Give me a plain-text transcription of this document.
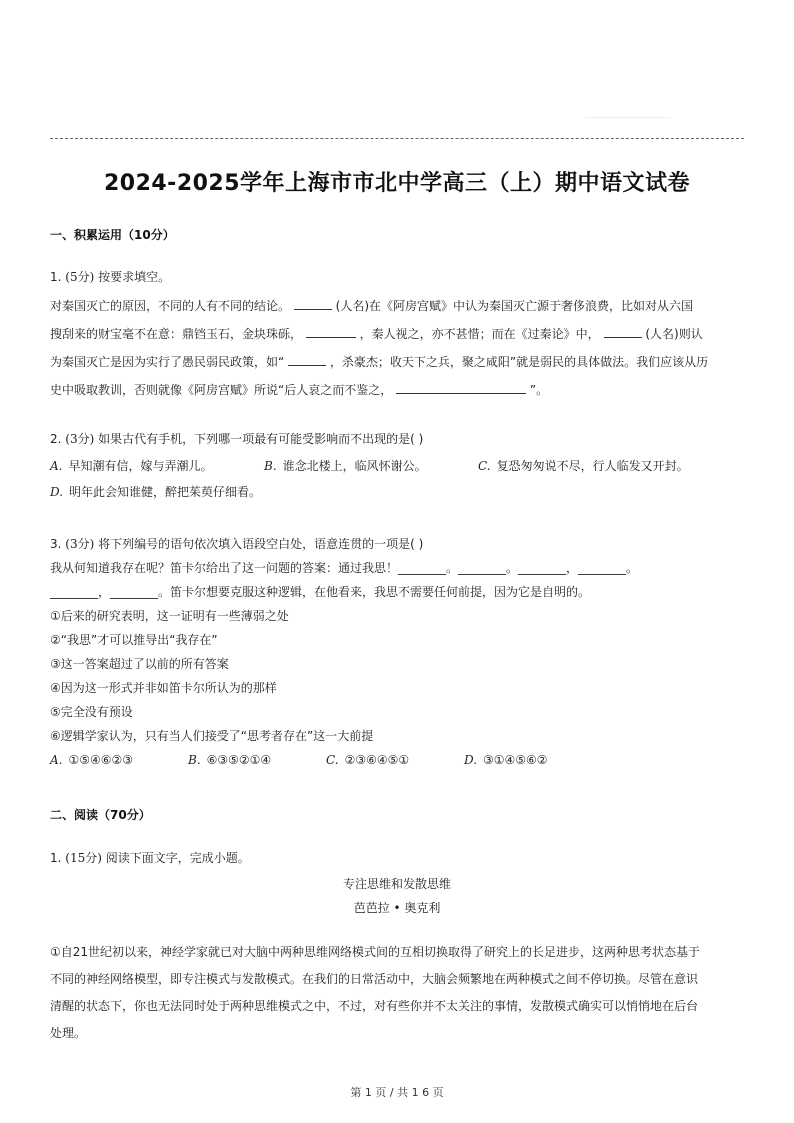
2024-2025学年上海市市北中学高三（上）期中语文试卷
一、积累运用（10分）
1. (5分) 按要求填空。
对秦国灭亡的原因，不同的人有不同的结论。	(人名)在《阿房宫赋》中认为秦国灭亡源于奢侈浪费，比如对从六国
搜刮来的财宝毫不在意：鼎铛玉石，金块珠砾，	，秦人视之，亦不甚惜；而在《过秦论》中，	(人名)则认
为秦国灭亡是因为实行了愚民弱民政策，如“	，杀豪杰；收天下之兵，聚之咸阳”就是弱民的具体做法。我们应该从历
史中吸取教训，否则就像《阿房宫赋》所说“后人哀之而不鉴之，	”。
2. (3分) 如果古代有手机，下列哪一项最有可能受影响而不出现的是( )
A. 早知潮有信，嫁与弄潮儿。	B. 谁念北楼上，临风怀谢公。	C. 复恐匆匆说不尽，行人临发又开封。
D. 明年此会知谁健，醉把茱萸仔细看。
3. (3分) 将下列编号的语句依次填入语段空白处，语意连贯的一项是( )
我从何知道我存在呢？笛卡尔给出了这一问题的答案：通过我思！________。________。________，________。
________，________。笛卡尔想要克服这种逻辑，在他看来，我思不需要任何前提，因为它是自明的。
①后来的研究表明，这一证明有一些薄弱之处
②“我思”才可以推导出“我存在”
③这一答案超过了以前的所有答案
④因为这一形式并非如笛卡尔所认为的那样
⑤完全没有预设
⑥逻辑学家认为，只有当人们接受了“思考者存在”这一大前提
A. ①⑤④⑥②③	B. ⑥③⑤②①④	C. ②③⑥④⑤①	D. ③①④⑤⑥②
二、阅读（70分）
1. (15分) 阅读下面文字，完成小题。
专注思维和发散思维
芭芭拉 • 奥克利
①自21世纪初以来，神经学家就已对大脑中两种思维网络模式间的互相切换取得了研究上的长足进步，这两种思考状态基于
不同的神经网络模型，即专注模式与发散模式。在我们的日常活动中，大脑会频繁地在两种模式之间不停切换。尽管在意识
清醒的状态下，你也无法同时处于两种思维模式之中，不过，对有些你并不太关注的事情，发散模式确实可以悄悄地在后台
处理。
第 1 页 / 共 1 6 页
